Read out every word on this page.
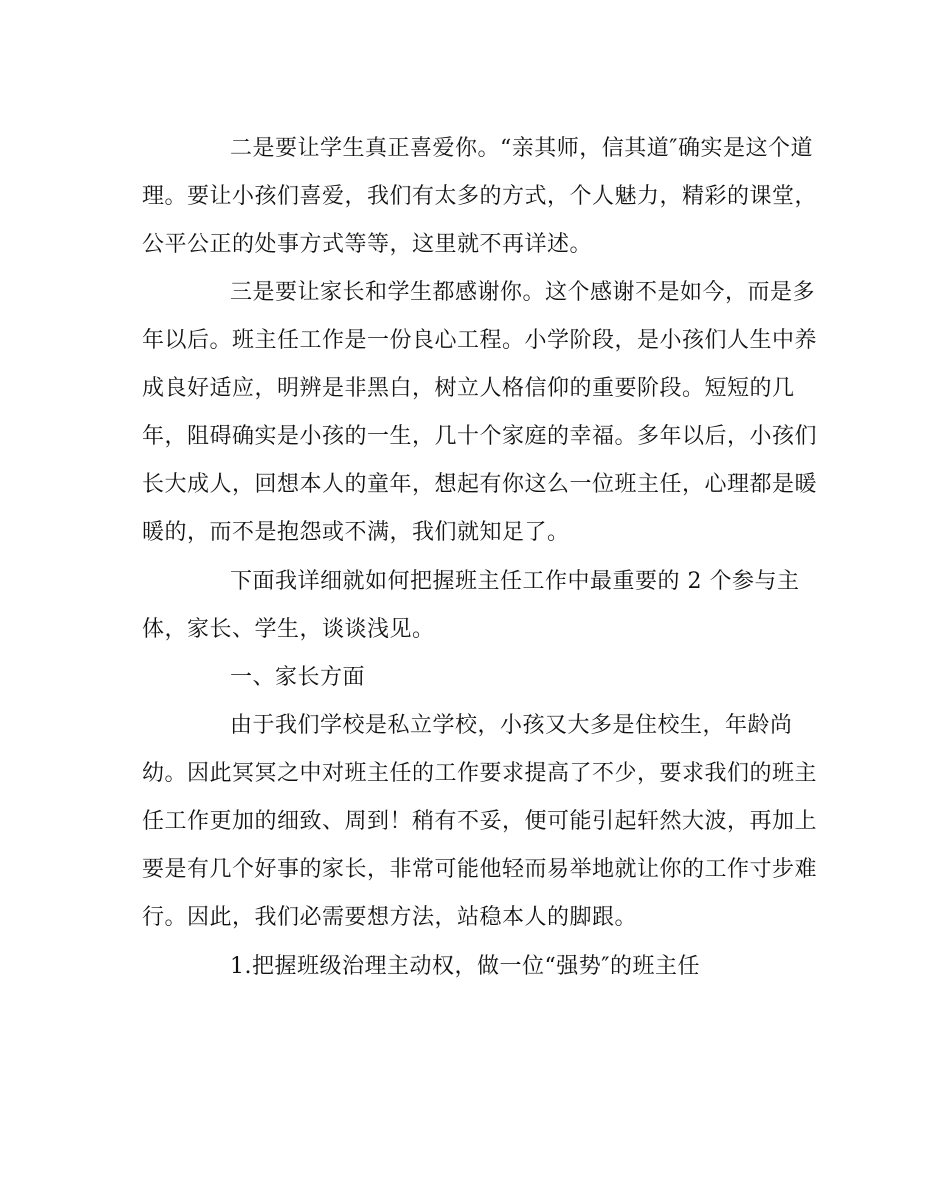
二是要让学生真正喜爱你。“亲其师，信其道″确实是这个道
理。要让小孩们喜爱，我们有太多的方式，个人魅力，精彩的课堂，
公平公正的处事方式等等，这里就不再详述。
三是要让家长和学生都感谢你。这个感谢不是如今，而是多
年以后。班主任工作是一份良心工程。小学阶段，是小孩们人生中养
成良好适应，明辨是非黑白，树立人格信仰的重要阶段。短短的几
年，阻碍确实是小孩的一生，几十个家庭的幸福。多年以后，小孩们
长大成人，回想本人的童年，想起有你这么一位班主任，心理都是暖
暖的，而不是抱怨或不满，我们就知足了。
下面我详细就如何把握班主任工作中最重要的 2 个参与主
体，家长、学生，谈谈浅见。
一、家长方面
由于我们学校是私立学校，小孩又大多是住校生，年龄尚
幼。因此冥冥之中对班主任的工作要求提高了不少，要求我们的班主
任工作更加的细致、周到！稍有不妥，便可能引起轩然大波，再加上
要是有几个好事的家长，非常可能他轻而易举地就让你的工作寸步难
行。因此，我们必需要想方法，站稳本人的脚跟。
1.把握班级治理主动权，做一位“强势″的班主任
